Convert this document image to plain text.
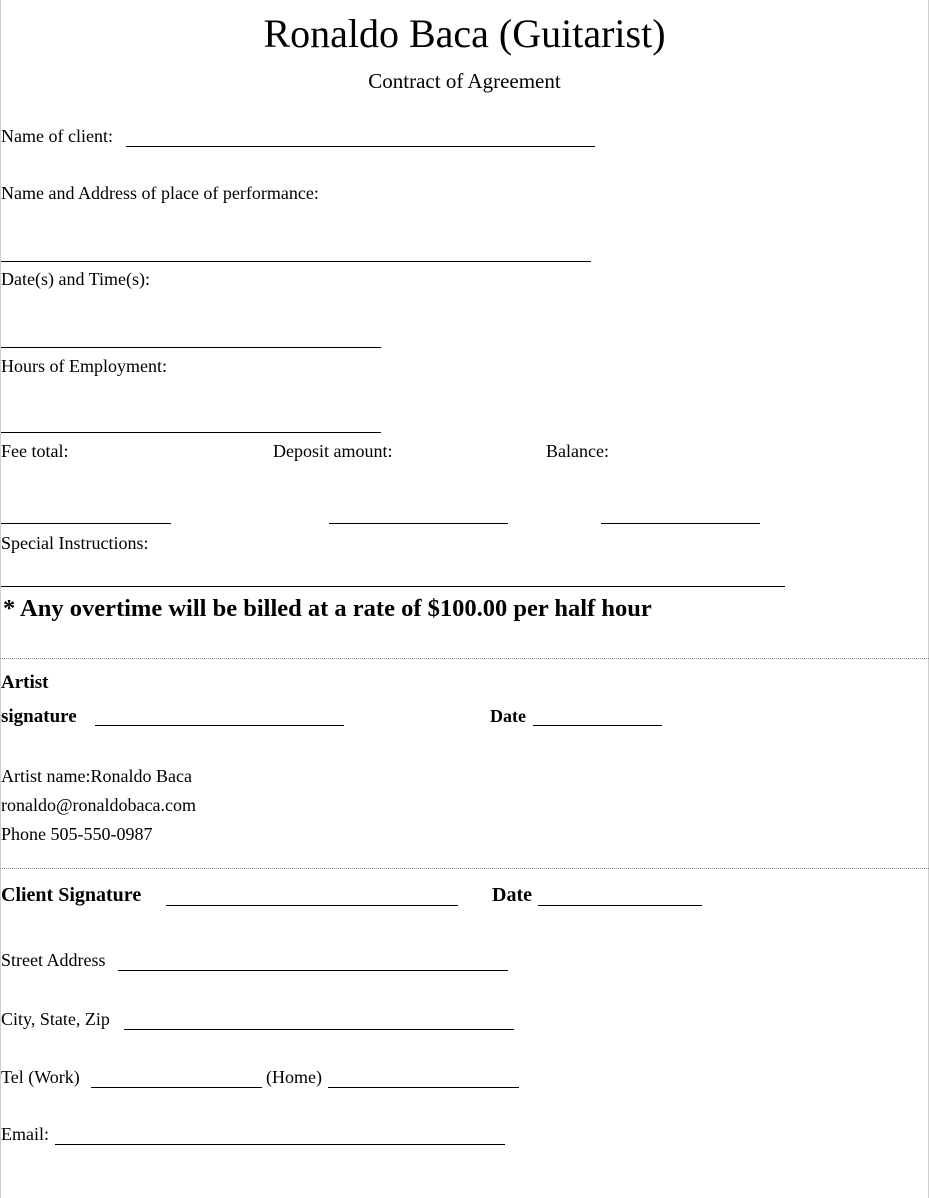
Ronaldo Baca (Guitarist)
Contract of Agreement
Name of client:
Name and Address of place of performance:
Date(s) and Time(s):
Hours of Employment:
Fee total:	Deposit amount:	Balance:
Special Instructions:
* Any overtime will be billed at a rate of $100.00 per half hour
Artist
signature	Date
Artist name:Ronaldo Baca
ronaldo@ronaldobaca.com
Phone 505-550-0987
Client Signature	Date
Street Address
City, State, Zip
Tel (Work)	(Home)
Email:
